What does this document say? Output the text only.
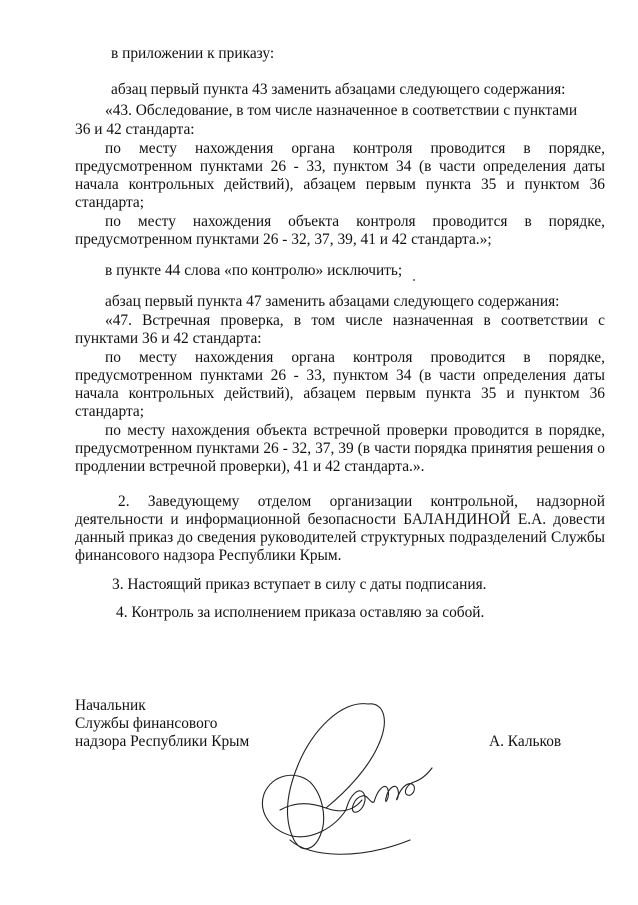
в приложении к приказу:
абзац первый пункта 43 заменить абзацами следующего содержания:
«43. Обследование, в том числе назначенное в соответствии с пунктами
36 и 42 стандарта:
по месту нахождения органа контроля проводится в порядке,
предусмотренном пунктами 26 - 33, пунктом 34 (в части определения даты
начала контрольных действий), абзацем первым пункта 35 и пунктом 36
стандарта;
по месту нахождения объекта контроля проводится в порядке,
предусмотренном пунктами 26 - 32, 37, 39, 41 и 42 стандарта.»;
в пункте 44 слова «по контролю» исключить;
абзац первый пункта 47 заменить абзацами следующего содержания:
«47. Встречная проверка, в том числе назначенная в соответствии с
пунктами 36 и 42 стандарта:
по месту нахождения органа контроля проводится в порядке,
предусмотренном пунктами 26 - 33, пунктом 34 (в части определения даты
начала контрольных действий), абзацем первым пункта 35 и пунктом 36
стандарта;
по месту нахождения объекта встречной проверки проводится в порядке,
предусмотренном пунктами 26 - 32, 37, 39 (в части порядка принятия решения о
продлении встречной проверки), 41 и 42 стандарта.».
2. Заведующему отделом организации контрольной, надзорной
деятельности и информационной безопасности БАЛАНДИНОЙ Е.А. довести
данный приказ до сведения руководителей структурных подразделений Службы
финансового надзора Республики Крым.
3. Настоящий приказ вступает в силу с даты подписания.
4. Контроль за исполнением приказа оставляю за собой.
Начальник
Службы финансового
надзора Республики Крым	А. Кальков
